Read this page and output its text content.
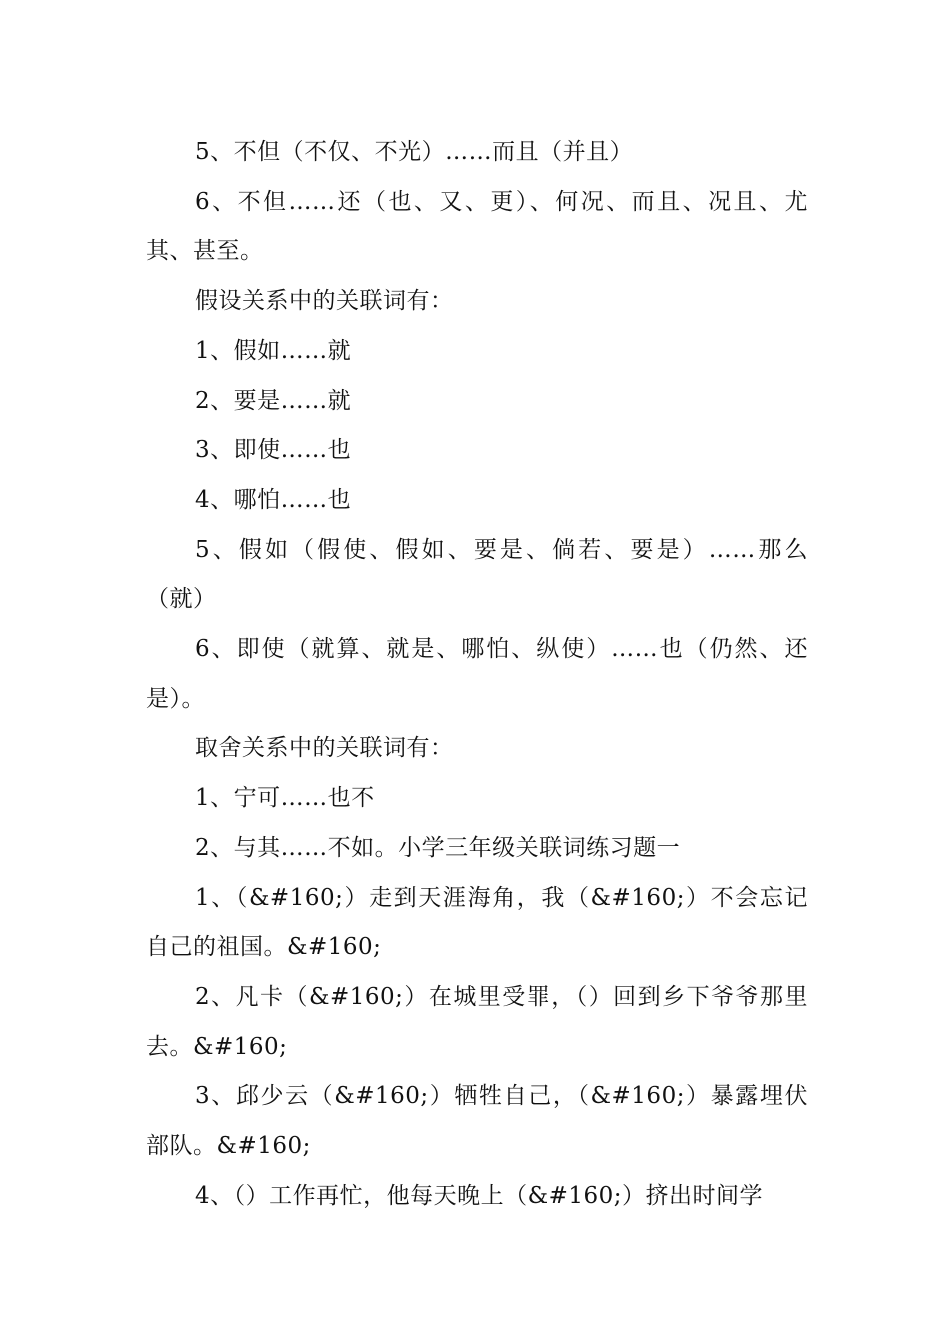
5、不但（不仅、不光）……而且（并且）

6、不但……还（也、又、更）、何况、而且、况且、尤其、甚至。

假设关系中的关联词有：

1、假如……就

2、要是……就

3、即使……也

4、哪怕……也

5、假如（假使、假如、要是、倘若、要是）……那么（就）

6、即使（就算、就是、哪怕、纵使）……也（仍然、还是）。

取舍关系中的关联词有：

1、宁可……也不

2、与其……不如。小学三年级关联词练习题一

1、（&#160;）走到天涯海角，我（&#160;）不会忘记自己的祖国。&#160;

2、凡卡（&#160;）在城里受罪，（）回到乡下爷爷那里去。&#160;

3、邱少云（&#160;）牺牲自己，（&#160;）暴露埋伏部队。&#160;

4、（）工作再忙，他每天晚上（&#160;）挤出时间学
